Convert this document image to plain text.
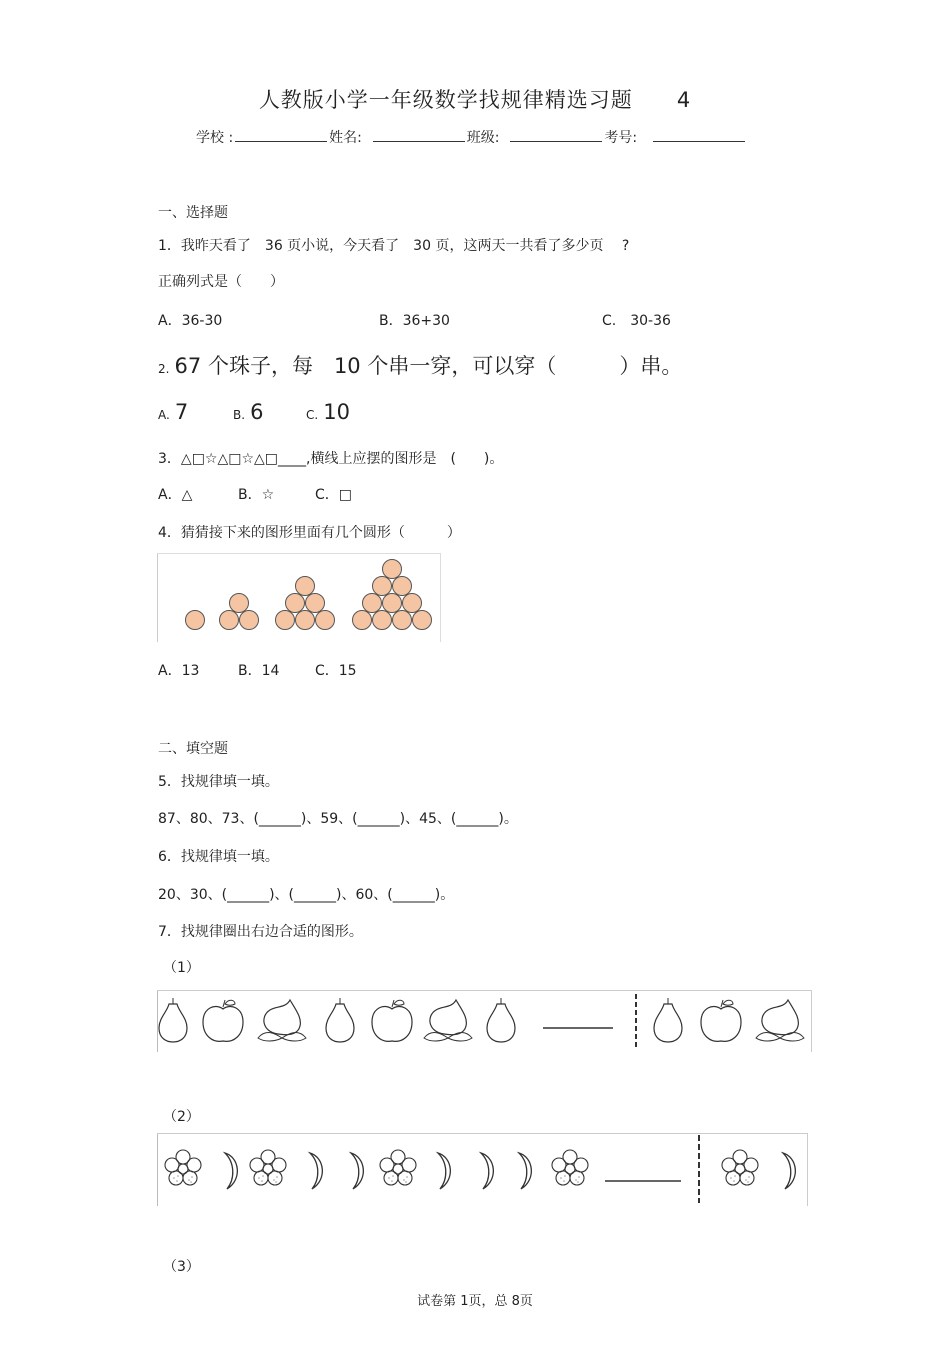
人教版小学一年级数学找规律精选习题 4
学校 :	姓名:	班级:	考号:
一、选择题
1．我昨天看了　36 页小说，今天看了　30 页，这两天一共看了多少页　 ?
正确列式是（　　）
A．36-30	B．36+30	C.　30-36
2. 67 个珠子，每　10 个串一穿，可以穿（　　　）串。
A. 7	B. 6	C. 10
3．△□☆△□☆△□____,横线上应摆的图形是　(　　)。
A．△	B．☆	C．□
4．猜猜接下来的图形里面有几个圆形（　　　）
A．13	B．14	C．15
二、填空题
5．找规律填一填。
87、80、73、(______)、59、(______)、45、(______)。
6．找规律填一填。
20、30、(______)、(______)、60、(______)。
7．找规律圈出右边合适的图形。
（1）
（2）
（3）
试卷第 1页，总 8页
